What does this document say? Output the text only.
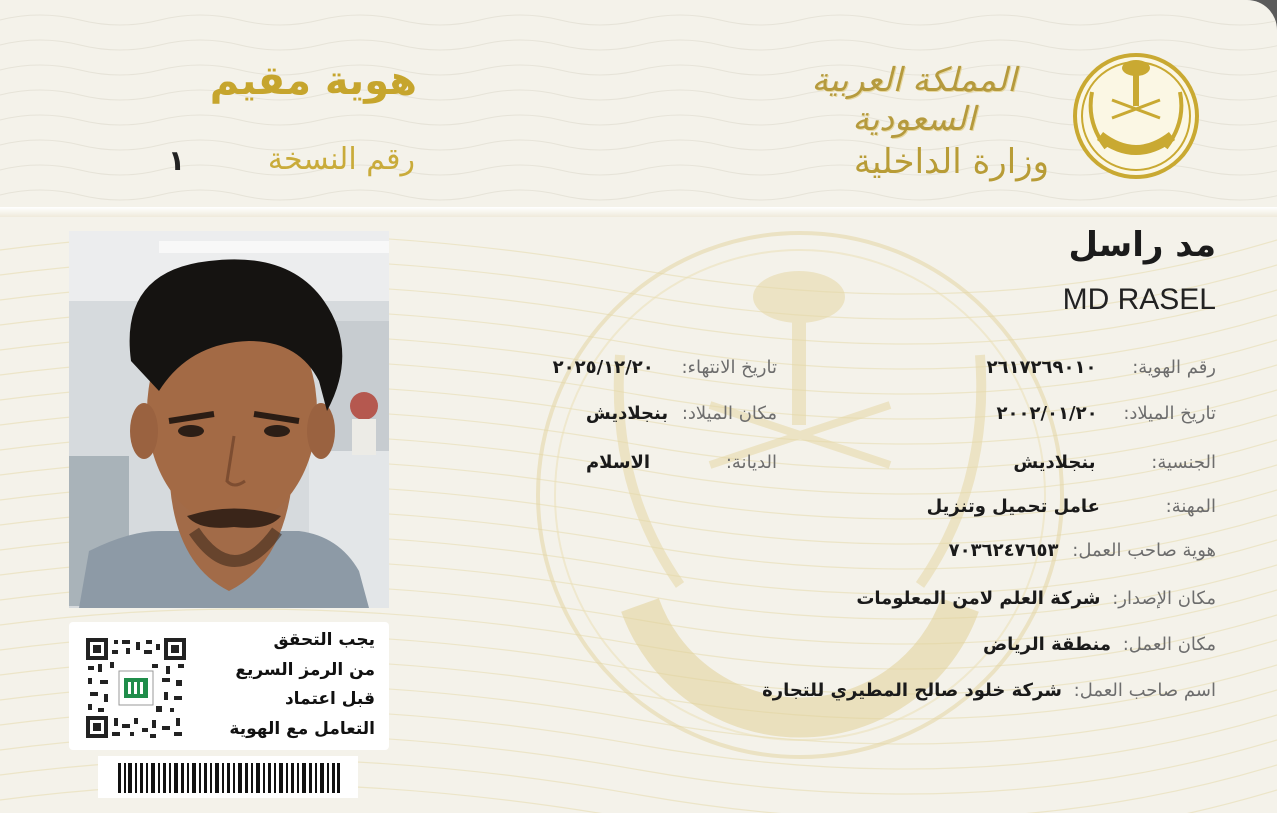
المملكة العربية السعودية
وزارة الداخلية
هوية مقيم
رقم النسخة
١
يجب التحقق
من الرمز السريع
قبل اعتماد
التعامل مع الهوية
مد راسل
MD RASEL
رقم الهوية: ٢٦١٧٢٦٩٠١٠
تاريخ الميلاد: ٢٠٠٢/٠١/٢٠
الجنسية: بنجلاديش
المهنة: عامل تحميل وتنزيل
هوية صاحب العمل: ٧٠٣٦٢٤٧٦٥٣
مكان الإصدار: شركة العلم لامن المعلومات
مكان العمل: منطقة الرياض
اسم صاحب العمل: شركة خلود صالح المطيري للتجارة
تاريخ الانتهاء: ٢٠٢٥/١٢/٢٠
مكان الميلاد: بنجلاديش
الديانة: الاسلام
